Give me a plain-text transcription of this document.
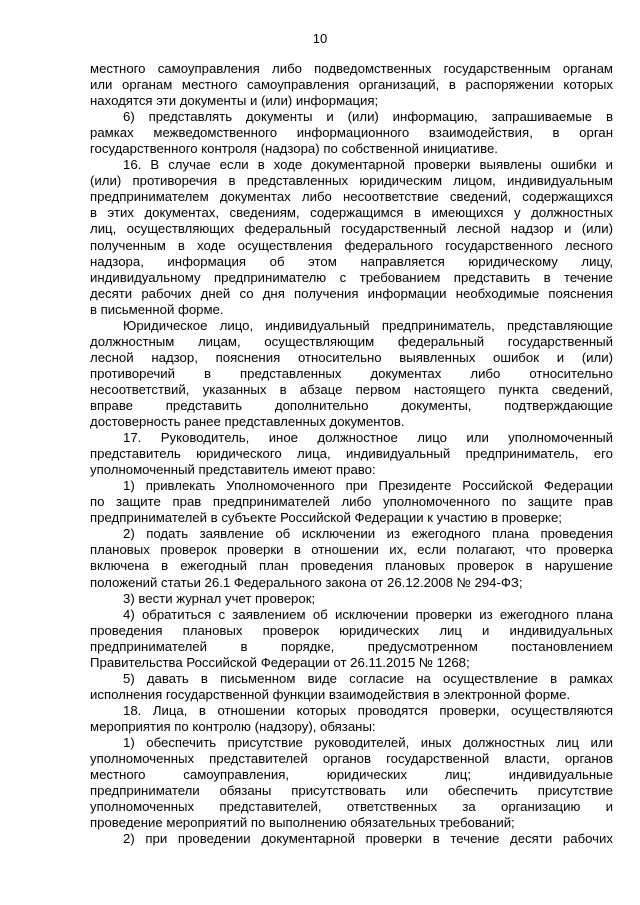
10
местного самоуправления либо подведомственных государственным органам
или органам местного самоуправления организаций, в распоряжении которых
находятся эти документы и (или) информация;
6) представлять документы и (или) информацию, запрашиваемые в
рамках межведомственного информационного взаимодействия, в орган
государственного контроля (надзора) по собственной инициативе.
16. В случае если в ходе документарной проверки выявлены ошибки и
(или) противоречия в представленных юридическим лицом, индивидуальным
предпринимателем документах либо несоответствие сведений, содержащихся
в этих документах, сведениям, содержащимся в имеющихся у должностных
лиц, осуществляющих федеральный государственный лесной надзор и (или)
полученным в ходе осуществления федерального государственного лесного
надзора, информация об этом направляется юридическому лицу,
индивидуальному предпринимателю с требованием представить в течение
десяти рабочих дней со дня получения информации необходимые пояснения
в письменной форме.
Юридическое лицо, индивидуальный предприниматель, представляющие
должностным лицам, осуществляющим федеральный государственный
лесной надзор, пояснения относительно выявленных ошибок и (или)
противоречий в представленных документах либо относительно
несоответствий, указанных в абзаце первом настоящего пункта сведений,
вправе представить дополнительно документы, подтверждающие
достоверность ранее представленных документов.
17. Руководитель, иное должностное лицо или уполномоченный
представитель юридического лица, индивидуальный предприниматель, его
уполномоченный представитель имеют право:
1) привлекать Уполномоченного при Президенте Российской Федерации
по защите прав предпринимателей либо уполномоченного по защите прав
предпринимателей в субъекте Российской Федерации к участию в проверке;
2) подать заявление об исключении из ежегодного плана проведения
плановых проверок проверки в отношении их, если полагают, что проверка
включена в ежегодный план проведения плановых проверок в нарушение
положений статьи 26.1 Федерального закона от 26.12.2008 № 294-ФЗ;
3) вести журнал учет проверок;
4) обратиться с заявлением об исключении проверки из ежегодного плана
проведения плановых проверок юридических лиц и индивидуальных
предпринимателей в порядке, предусмотренном постановлением
Правительства Российской Федерации от 26.11.2015 № 1268;
5) давать в письменном виде согласие на осуществление в рамках
исполнения государственной функции взаимодействия в электронной форме.
18. Лица, в отношении которых проводятся проверки, осуществляются
мероприятия по контролю (надзору), обязаны:
1) обеспечить присутствие руководителей, иных должностных лиц или
уполномоченных представителей органов государственной власти, органов
местного самоуправления, юридических лиц; индивидуальные
предприниматели обязаны присутствовать или обеспечить присутствие
уполномоченных представителей, ответственных за организацию и
проведение мероприятий по выполнению обязательных требований;
2) при проведении документарной проверки в течение десяти рабочих
